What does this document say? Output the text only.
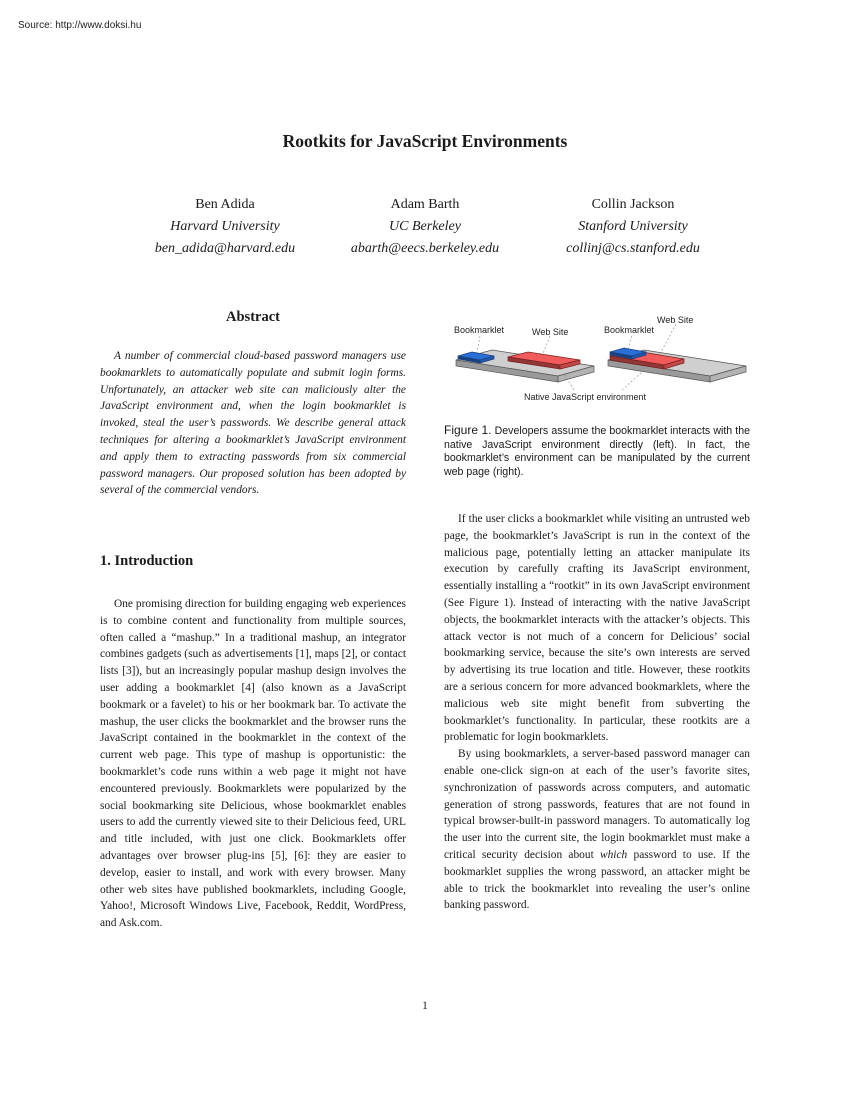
Source: http://www.doksi.hu
Rootkits for JavaScript Environments
Ben Adida
Harvard University
ben_adida@harvard.edu
Adam Barth
UC Berkeley
abarth@eecs.berkeley.edu
Collin Jackson
Stanford University
collinj@cs.stanford.edu
Abstract

A number of commercial cloud-based password managers use bookmarklets to automatically populate and submit login forms. Unfortunately, an attacker web site can maliciously alter the JavaScript environment and, when the login bookmarklet is invoked, steal the user’s passwords. We describe general attack techniques for altering a bookmarklet’s JavaScript environment and apply them to extracting passwords from six commercial password managers. Our proposed solution has been adopted by several of the commercial vendors.

1. Introduction

One promising direction for building engaging web experiences is to combine content and functionality from multiple sources, often called a “mashup.” In a traditional mashup, an integrator combines gadgets (such as advertisements [1], maps [2], or contact lists [3]), but an increasingly popular mashup design involves the user adding a bookmarklet [4] (also known as a JavaScript bookmark or a favelet) to his or her bookmark bar. To activate the mashup, the user clicks the bookmarklet and the browser runs the JavaScript contained in the bookmarklet in the context of the current web page. This type of mashup is opportunistic: the bookmarklet’s code runs within a web page it might not have encountered previously. Bookmarklets were popularized by the social bookmarking site Delicious, whose bookmarklet enables users to add the currently viewed site to their Delicious feed, URL and title included, with just one click. Bookmarklets offer advantages over browser plug-ins [5], [6]: they are easier to develop, easier to install, and work with every browser. Many other web sites have published bookmarklets, including Google, Yahoo!, Microsoft Windows Live, Facebook, Reddit, WordPress, and Ask.com.

Bookmarklet	Web Site	Bookmarklet
Web Site
Native JavaScript environment
Figure 1. Developers assume the bookmarklet interacts with the native JavaScript environment directly (left). In fact, the bookmarklet’s environment can be manipulated by the current web page (right).

If the user clicks a bookmarklet while visiting an untrusted web page, the bookmarklet’s JavaScript is run in the context of the malicious page, potentially letting an attacker manipulate its execution by carefully crafting its JavaScript environment, essentially installing a “rootkit” in its own JavaScript environment (See Figure 1). Instead of interacting with the native JavaScript objects, the bookmarklet interacts with the attacker’s objects. This attack vector is not much of a concern for Delicious’ social bookmarking service, because the site’s own interests are served by advertising its true location and title. However, these rootkits are a serious concern for more advanced bookmarklets, where the malicious web site might benefit from subverting the bookmarklet’s functionality. In particular, these rootkits are a problematic for login bookmarklets.

By using bookmarklets, a server-based password manager can enable one-click sign-on at each of the user’s favorite sites, synchronization of passwords across computers, and automatic generation of strong passwords, features that are not found in typical browser-built-in password managers. To automatically log the user into the current site, the login bookmarklet must make a critical security decision about which password to use. If the bookmarklet supplies the wrong password, an attacker might be able to trick the bookmarklet into revealing the user’s online banking password.

1
